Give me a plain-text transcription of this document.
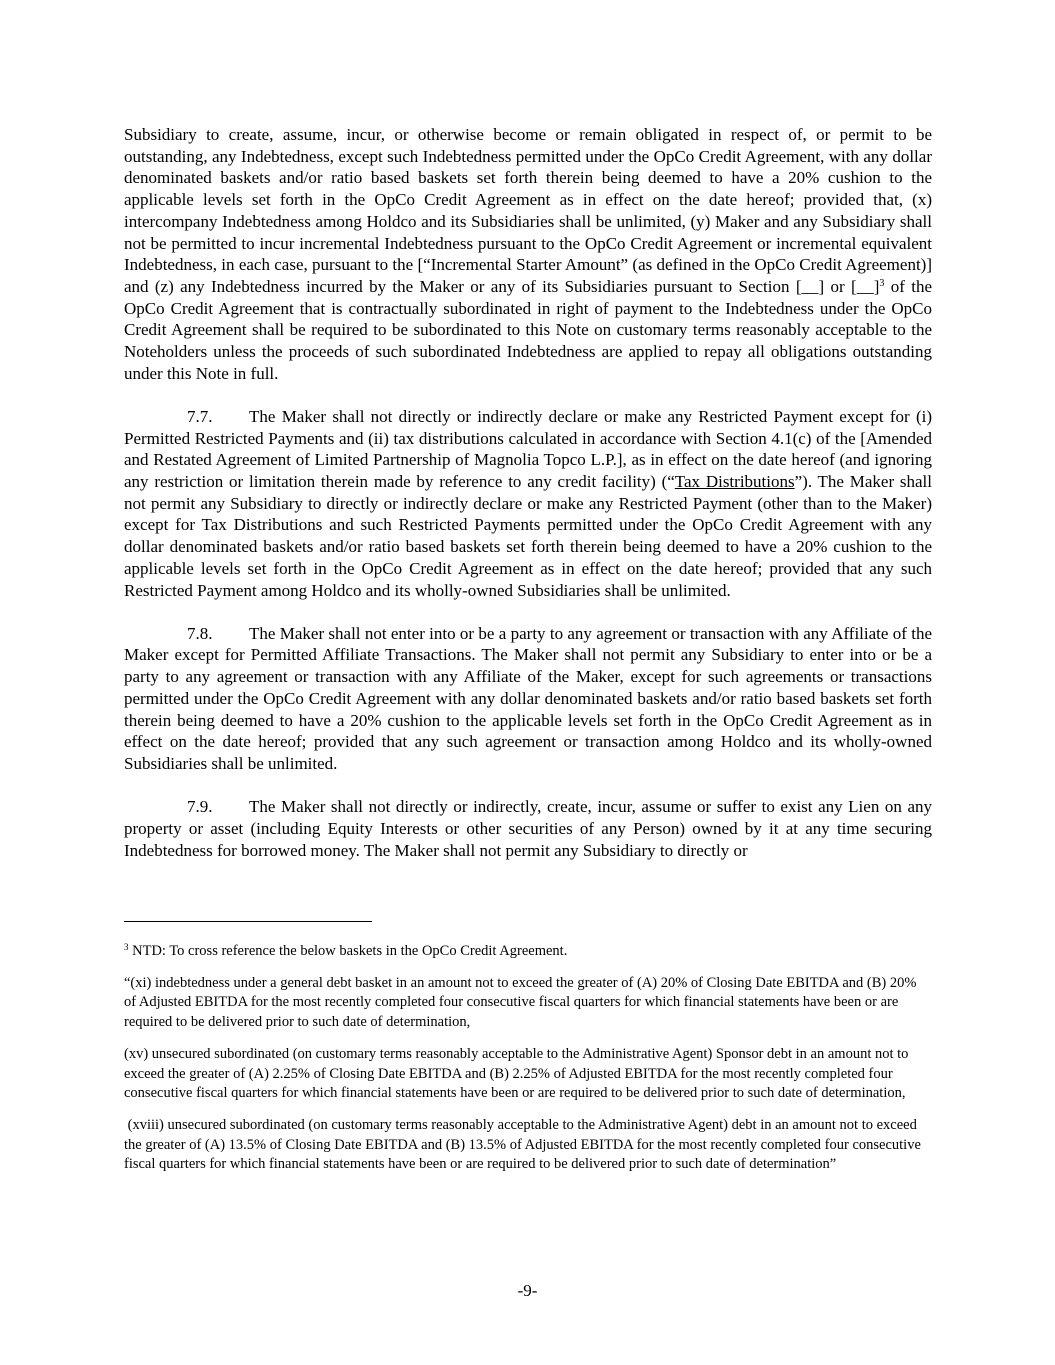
Subsidiary to create, assume, incur, or otherwise become or remain obligated in respect of, or permit to be outstanding, any Indebtedness, except such Indebtedness permitted under the OpCo Credit Agreement, with any dollar denominated baskets and/or ratio based baskets set forth therein being deemed to have a 20% cushion to the applicable levels set forth in the OpCo Credit Agreement as in effect on the date hereof; provided that, (x) intercompany Indebtedness among Holdco and its Subsidiaries shall be unlimited, (y) Maker and any Subsidiary shall not be permitted to incur incremental Indebtedness pursuant to the OpCo Credit Agreement or incremental equivalent Indebtedness, in each case, pursuant to the [“Incremental Starter Amount” (as defined in the OpCo Credit Agreement)] and (z) any Indebtedness incurred by the Maker or any of its Subsidiaries pursuant to Section [__] or [__]$^3$ of the OpCo Credit Agreement that is contractually subordinated in right of payment to the Indebtedness under the OpCo Credit Agreement shall be required to be subordinated to this Note on customary terms reasonably acceptable to the Noteholders unless the proceeds of such subordinated Indebtedness are applied to repay all obligations outstanding under this Note in full.

7.7. The Maker shall not directly or indirectly declare or make any Restricted Payment except for (i) Permitted Restricted Payments and (ii) tax distributions calculated in accordance with Section 4.1(c) of the [Amended and Restated Agreement of Limited Partnership of Magnolia Topco L.P.], as in effect on the date hereof (and ignoring any restriction or limitation therein made by reference to any credit facility) (“Tax Distributions”). The Maker shall not permit any Subsidiary to directly or indirectly declare or make any Restricted Payment (other than to the Maker) except for Tax Distributions and such Restricted Payments permitted under the OpCo Credit Agreement with any dollar denominated baskets and/or ratio based baskets set forth therein being deemed to have a 20% cushion to the applicable levels set forth in the OpCo Credit Agreement as in effect on the date hereof; provided that any such Restricted Payment among Holdco and its wholly-owned Subsidiaries shall be unlimited.

7.8. The Maker shall not enter into or be a party to any agreement or transaction with any Affiliate of the Maker except for Permitted Affiliate Transactions. The Maker shall not permit any Subsidiary to enter into or be a party to any agreement or transaction with any Affiliate of the Maker, except for such agreements or transactions permitted under the OpCo Credit Agreement with any dollar denominated baskets and/or ratio based baskets set forth therein being deemed to have a 20% cushion to the applicable levels set forth in the OpCo Credit Agreement as in effect on the date hereof; provided that any such agreement or transaction among Holdco and its wholly-owned Subsidiaries shall be unlimited.

7.9. The Maker shall not directly or indirectly, create, incur, assume or suffer to exist any Lien on any property or asset (including Equity Interests or other securities of any Person) owned by it at any time securing Indebtedness for borrowed money. The Maker shall not permit any Subsidiary to directly or

$^3$ NTD: To cross reference the below baskets in the OpCo Credit Agreement.

“(xi) indebtedness under a general debt basket in an amount not to exceed the greater of (A) 20% of Closing Date EBITDA and (B) 20% of Adjusted EBITDA for the most recently completed four consecutive fiscal quarters for which financial statements have been or are required to be delivered prior to such date of determination,

(xv) unsecured subordinated (on customary terms reasonably acceptable to the Administrative Agent) Sponsor debt in an amount not to exceed the greater of (A) 2.25% of Closing Date EBITDA and (B) 2.25% of Adjusted EBITDA for the most recently completed four consecutive fiscal quarters for which financial statements have been or are required to be delivered prior to such date of determination,

(xviii) unsecured subordinated (on customary terms reasonably acceptable to the Administrative Agent) debt in an amount not to exceed the greater of (A) 13.5% of Closing Date EBITDA and (B) 13.5% of Adjusted EBITDA for the most recently completed four consecutive fiscal quarters for which financial statements have been or are required to be delivered prior to such date of determination”

-9-
